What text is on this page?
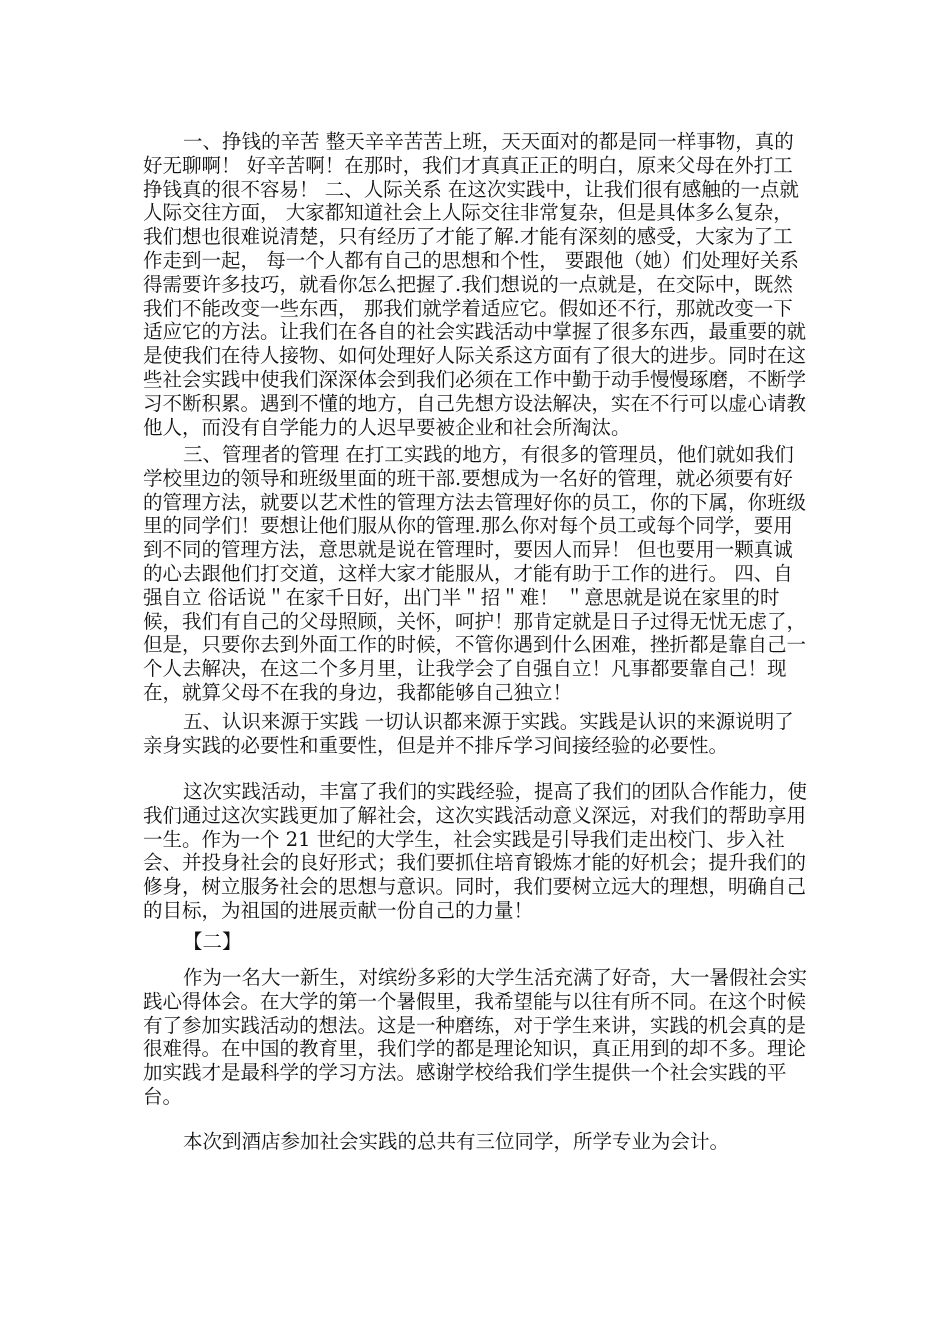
一、挣钱的辛苦 整天辛辛苦苦上班，天天面对的都是同一样事物，真的好无聊啊！ 好辛苦啊！在那时，我们才真真正正的明白，原来父母在外打工挣钱真的很不容易！ 二、人际关系 在这次实践中，让我们很有感触的一点就人际交往方面， 大家都知道社会上人际交往非常复杂，但是具体多么复杂，我们想也很难说清楚，只有经历了才能了解.才能有深刻的感受，大家为了工作走到一起， 每一个人都有自己的思想和个性， 要跟他（她）们处理好关系得需要许多技巧，就看你怎么把握了.我们想说的一点就是，在交际中，既然我们不能改变一些东西， 那我们就学着适应它。假如还不行，那就改变一下适应它的方法。让我们在各自的社会实践活动中掌握了很多东西，最重要的就是使我们在待人接物、如何处理好人际关系这方面有了很大的进步。同时在这些社会实践中使我们深深体会到我们必须在工作中勤于动手慢慢琢磨，不断学习不断积累。遇到不懂的地方，自己先想方设法解决，实在不行可以虚心请教他人，而没有自学能力的人迟早要被企业和社会所淘汰。

三、管理者的管理 在打工实践的地方，有很多的管理员，他们就如我们学校里边的领导和班级里面的班干部.要想成为一名好的管理，就必须要有好的管理方法，就要以艺术性的管理方法去管理好你的员工，你的下属，你班级里的同学们！要想让他们服从你的管理.那么你对每个员工或每个同学，要用到不同的管理方法，意思就是说在管理时，要因人而异！ 但也要用一颗真诚的心去跟他们打交道，这样大家才能服从，才能有助于工作的进行。 四、自强自立 俗话说＂在家千日好，出门半＂招＂难！ ＂意思就是说在家里的时候，我们有自己的父母照顾，关怀，呵护！那肯定就是日子过得无忧无虑了，但是，只要你去到外面工作的时候，不管你遇到什么困难，挫折都是靠自己一个人去解决，在这二个多月里，让我学会了自强自立！凡事都要靠自己！现在，就算父母不在我的身边，我都能够自己独立！

五、认识来源于实践 一切认识都来源于实践。实践是认识的来源说明了亲身实践的必要性和重要性，但是并不排斥学习间接经验的必要性。

这次实践活动，丰富了我们的实践经验，提高了我们的团队合作能力，使我们通过这次实践更加了解社会，这次实践活动意义深远，对我们的帮助享用一生。作为一个 21 世纪的大学生，社会实践是引导我们走出校门、步入社会、并投身社会的良好形式；我们要抓住培育锻炼才能的好机会；提升我们的修身，树立服务社会的思想与意识。同时，我们要树立远大的理想，明确自己的目标，为祖国的进展贡献一份自己的力量！

【二】

作为一名大一新生，对缤纷多彩的大学生活充满了好奇，大一暑假社会实践心得体会。在大学的第一个暑假里，我希望能与以往有所不同。在这个时候有了参加实践活动的想法。这是一种磨练，对于学生来讲，实践的机会真的是很难得。在中国的教育里，我们学的都是理论知识，真正用到的却不多。理论加实践才是最科学的学习方法。感谢学校给我们学生提供一个社会实践的平台。

本次到酒店参加社会实践的总共有三位同学，所学专业为会计。
